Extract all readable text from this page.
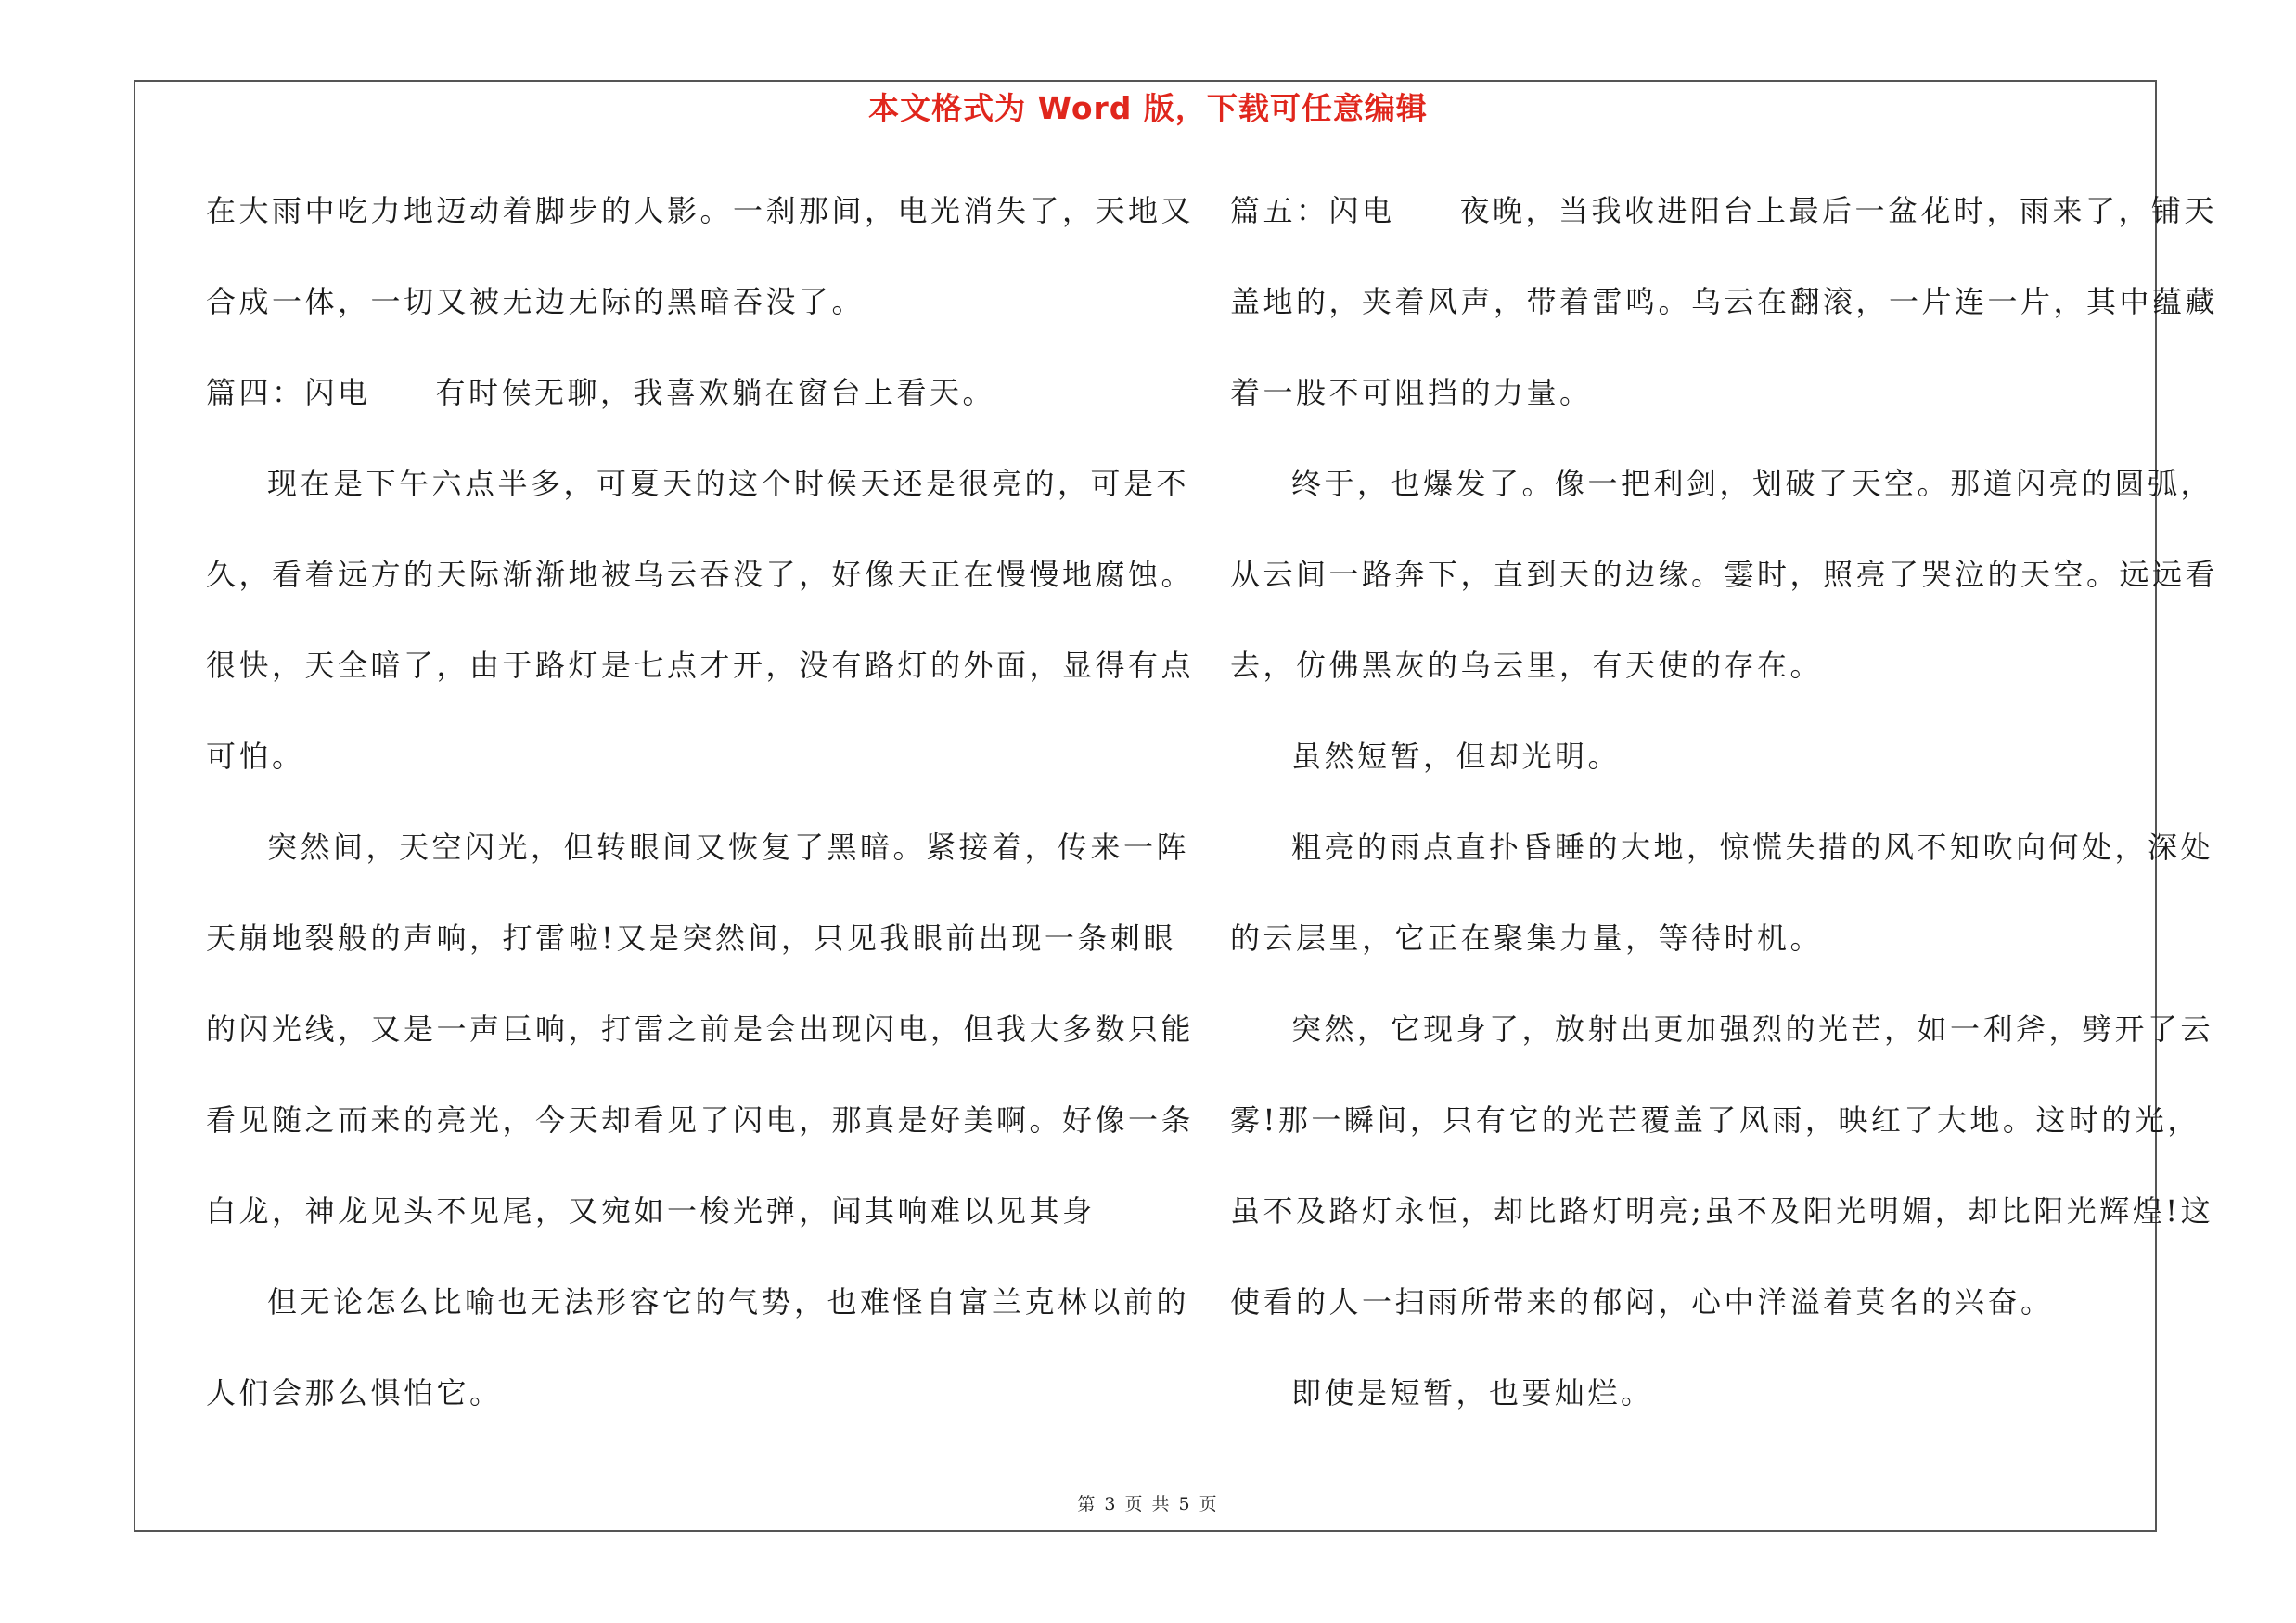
本文格式为 Word 版，下载可任意编辑
在大雨中吃力地迈动着脚步的人影。一刹那间，电光消失了，天地又
合成一体，一切又被无边无际的黑暗吞没了。
篇四：闪电 有时侯无聊，我喜欢躺在窗台上看天。
现在是下午六点半多，可夏天的这个时候天还是很亮的，可是不
久，看着远方的天际渐渐地被乌云吞没了，好像天正在慢慢地腐蚀。
很快，天全暗了，由于路灯是七点才开，没有路灯的外面，显得有点
可怕。
突然间，天空闪光，但转眼间又恢复了黑暗。紧接着，传来一阵
天崩地裂般的声响，打雷啦!又是突然间，只见我眼前出现一条刺眼
的闪光线，又是一声巨响，打雷之前是会出现闪电，但我大多数只能
看见随之而来的亮光，今天却看见了闪电，那真是好美啊。好像一条
白龙，神龙见头不见尾，又宛如一梭光弹，闻其响难以见其身
但无论怎么比喻也无法形容它的气势，也难怪自富兰克林以前的
人们会那么惧怕它。
篇五：闪电 夜晚，当我收进阳台上最后一盆花时，雨来了，铺天
盖地的，夹着风声，带着雷鸣。乌云在翻滚，一片连一片，其中蕴藏
着一股不可阻挡的力量。
终于，也爆发了。像一把利剑，划破了天空。那道闪亮的圆弧，
从云间一路奔下，直到天的边缘。霎时，照亮了哭泣的天空。远远看
去，仿佛黑灰的乌云里，有天使的存在。
虽然短暂，但却光明。
粗亮的雨点直扑昏睡的大地，惊慌失措的风不知吹向何处，深处
的云层里，它正在聚集力量，等待时机。
突然，它现身了，放射出更加强烈的光芒，如一利斧，劈开了云
雾!那一瞬间，只有它的光芒覆盖了风雨，映红了大地。这时的光，
虽不及路灯永恒，却比路灯明亮;虽不及阳光明媚，却比阳光辉煌!这
使看的人一扫雨所带来的郁闷，心中洋溢着莫名的兴奋。
即使是短暂，也要灿烂。
第 3 页 共 5 页
